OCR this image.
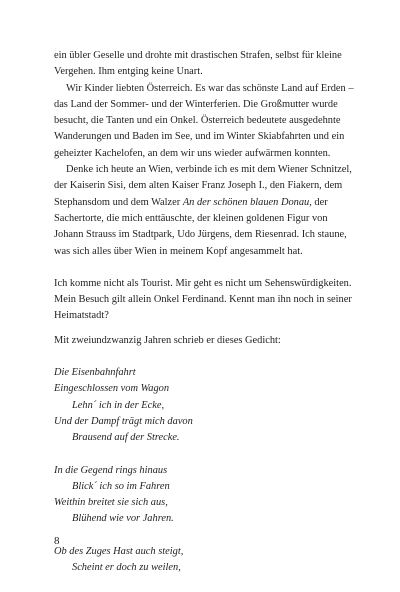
ein übler Geselle und drohte mit drastischen Strafen, selbst für kleine Vergehen. Ihm entging keine Unart.

Wir Kinder liebten Österreich. Es war das schönste Land auf Erden – das Land der Sommer- und der Winterferien. Die Großmutter wurde besucht, die Tanten und ein Onkel. Österreich bedeutete ausgedehnte Wanderungen und Baden im See, und im Winter Skiabfahrten und ein geheizter Kachelofen, an dem wir uns wieder aufwärmen konnten.

Denke ich heute an Wien, verbinde ich es mit dem Wiener Schnitzel, der Kaiserin Sisi, dem alten Kaiser Franz Joseph I., den Fiakern, dem Stephansdom und dem Walzer An der schönen blauen Donau, der Sachertorte, die mich enttäuschte, der kleinen goldenen Figur von Johann Strauss im Stadtpark, Udo Jürgens, dem Riesenrad. Ich staune, was sich alles über Wien in meinem Kopf angesammelt hat.

Ich komme nicht als Tourist. Mir geht es nicht um Sehenswürdigkeiten. Mein Besuch gilt allein Onkel Ferdinand. Kennt man ihn noch in seiner Heimatstadt?

Mit zweiundzwanzig Jahren schrieb er dieses Gedicht:

Die Eisenbahnfahrt
Eingeschlossen vom Wagon
Lehn´ ich in der Ecke,
Und der Dampf trägt mich davon
Brausend auf der Strecke.
In die Gegend rings hinaus
Blick´ ich so im Fahren
Weithin breitet sie sich aus,
Blühend wie vor Jahren.
Ob des Zuges Hast auch steigt,
Scheint er doch zu weilen,
8
